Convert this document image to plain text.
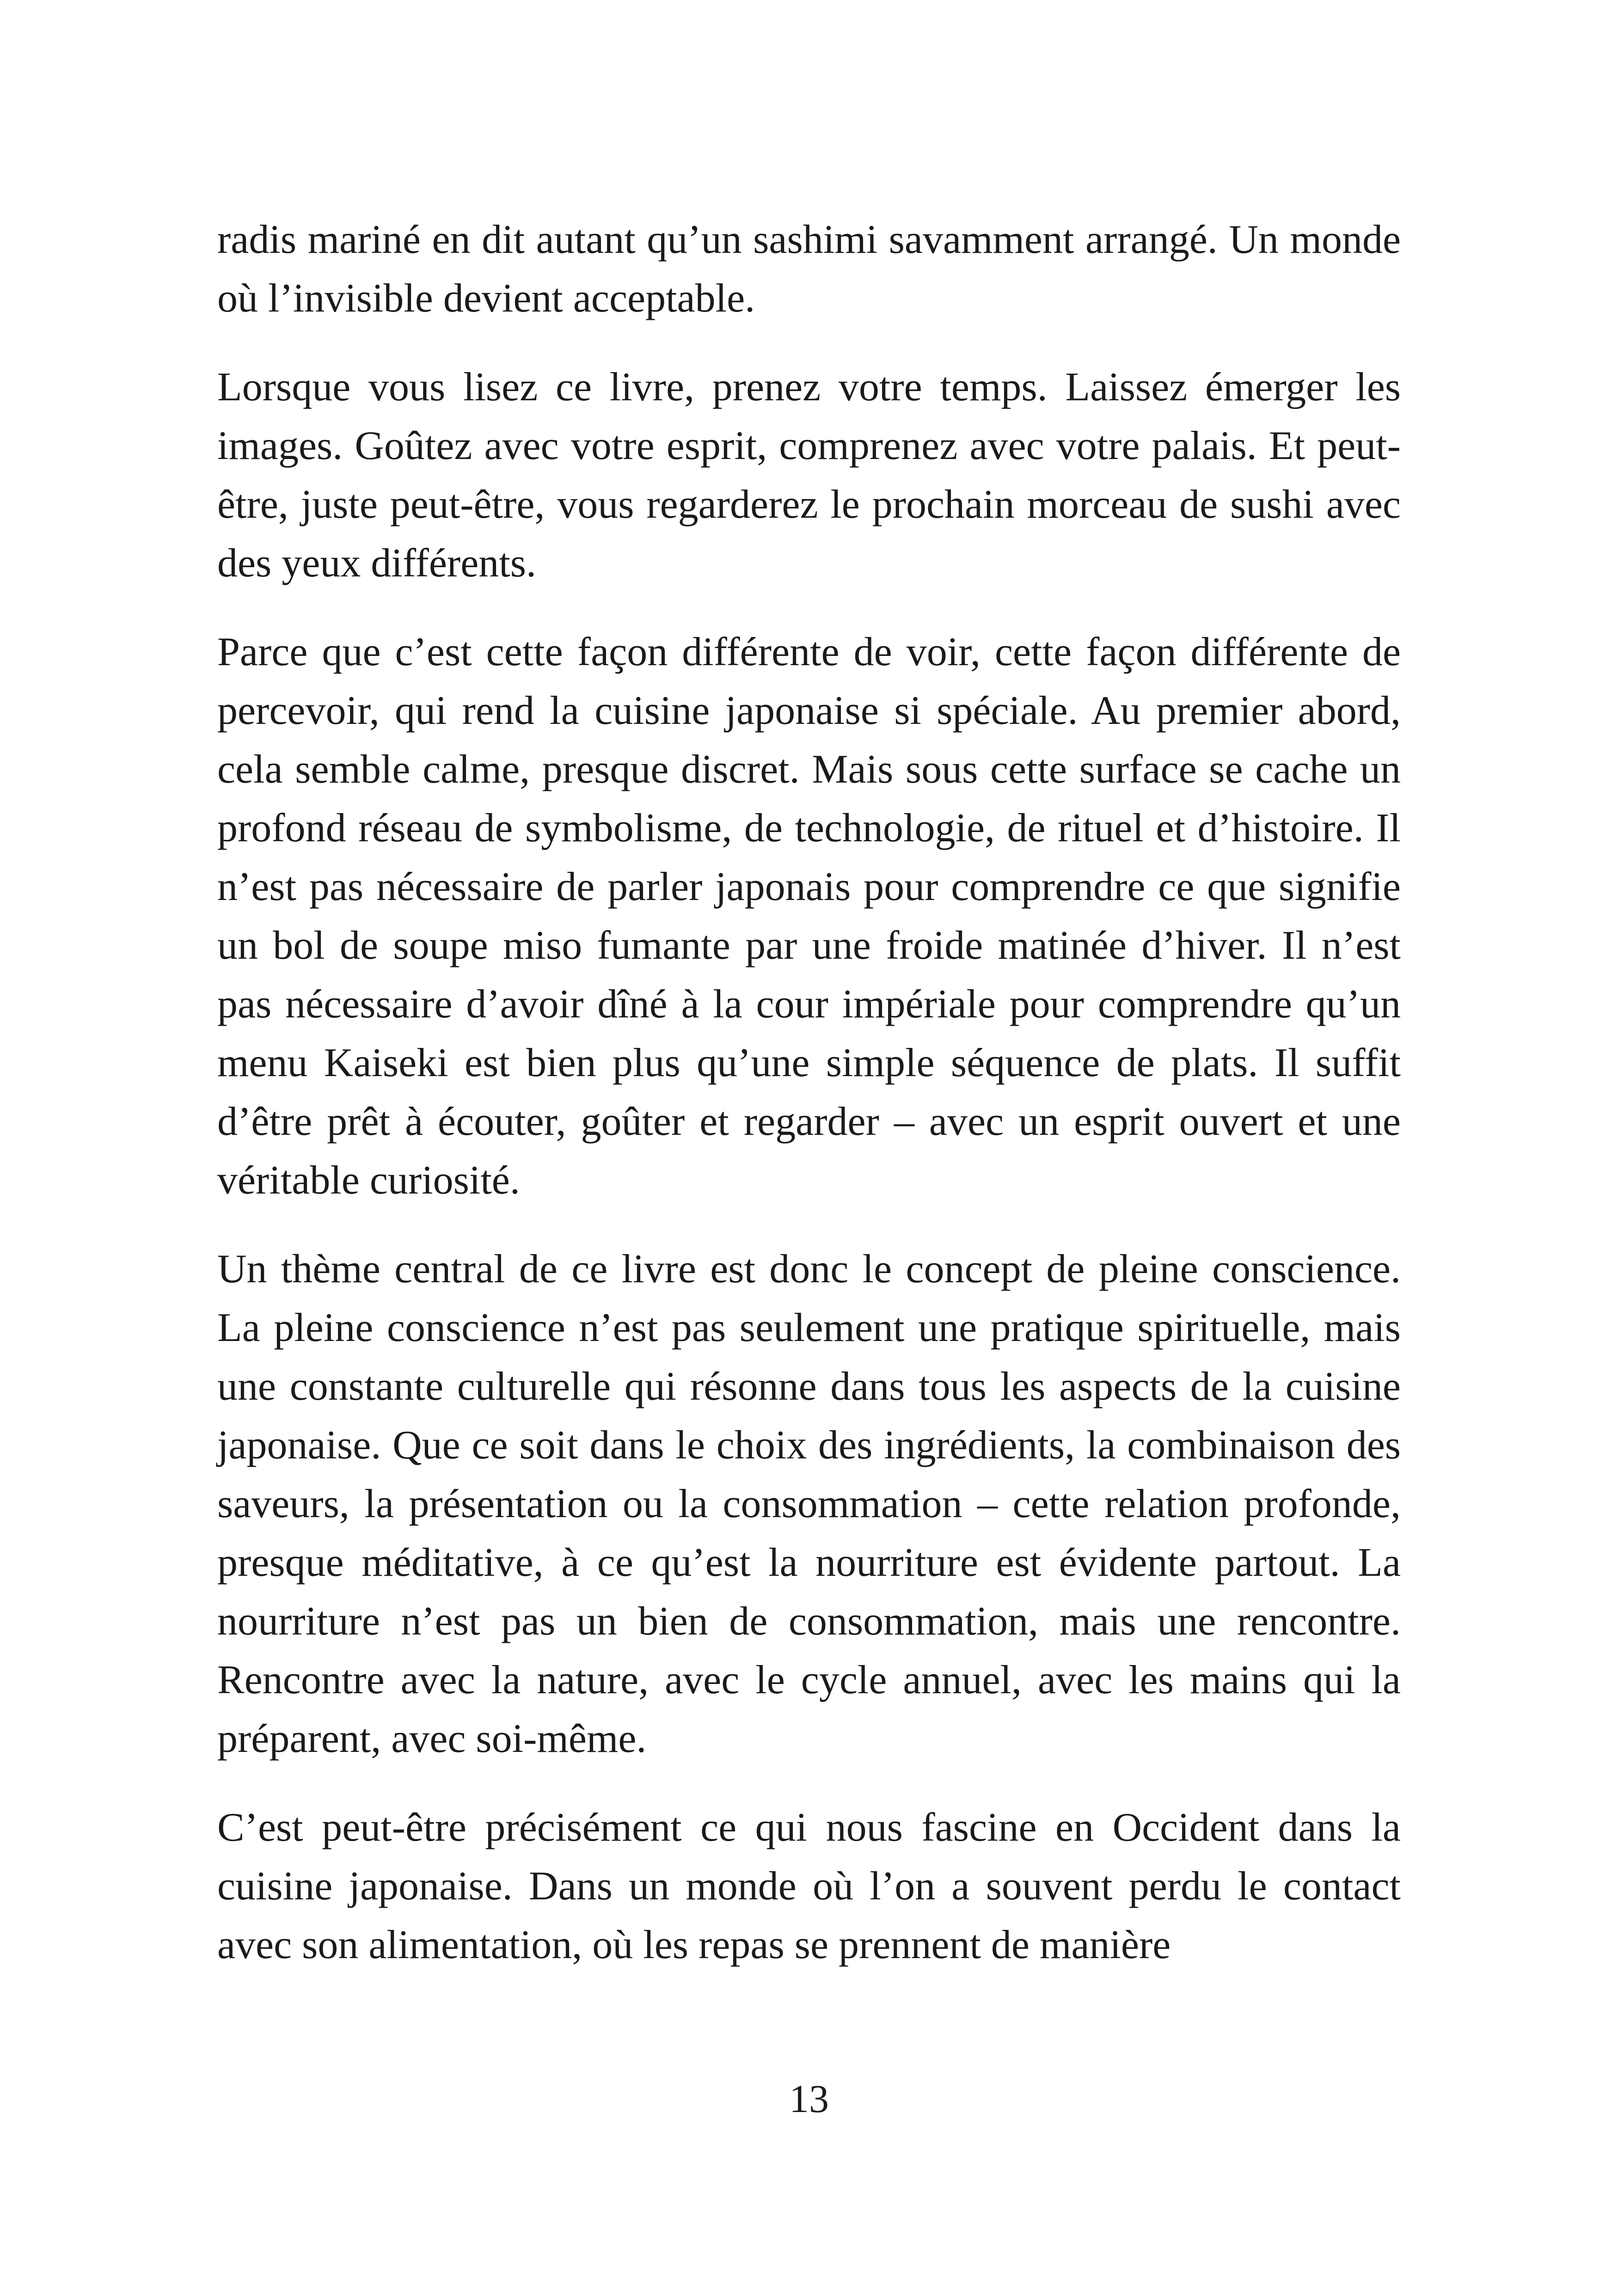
radis mariné en dit autant qu’un sashimi savamment arrangé. Un monde où l’invisible devient acceptable.

Lorsque vous lisez ce livre, prenez votre temps. Laissez émerger les images. Goûtez avec votre esprit, comprenez avec votre palais. Et peut-être, juste peut-être, vous regarderez le prochain morceau de sushi avec des yeux différents.

Parce que c’est cette façon différente de voir, cette façon différente de percevoir, qui rend la cuisine japonaise si spéciale. Au premier abord, cela semble calme, presque discret. Mais sous cette surface se cache un profond réseau de symbolisme, de technologie, de rituel et d’histoire. Il n’est pas nécessaire de parler japonais pour comprendre ce que signifie un bol de soupe miso fumante par une froide matinée d’hiver. Il n’est pas nécessaire d’avoir dîné à la cour impériale pour comprendre qu’un menu Kaiseki est bien plus qu’une simple séquence de plats. Il suffit d’être prêt à écouter, goûter et regarder – avec un esprit ouvert et une véritable curiosité.

Un thème central de ce livre est donc le concept de pleine conscience. La pleine conscience n’est pas seulement une pratique spirituelle, mais une constante culturelle qui résonne dans tous les aspects de la cuisine japonaise. Que ce soit dans le choix des ingrédients, la combinaison des saveurs, la présentation ou la consommation – cette relation profonde, presque méditative, à ce qu’est la nourriture est évidente partout. La nourriture n’est pas un bien de consommation, mais une rencontre. Rencontre avec la nature, avec le cycle annuel, avec les mains qui la préparent, avec soi-même.

C’est peut-être précisément ce qui nous fascine en Occident dans la cuisine japonaise. Dans un monde où l’on a souvent perdu le contact avec son alimentation, où les repas se prennent de manière

13
